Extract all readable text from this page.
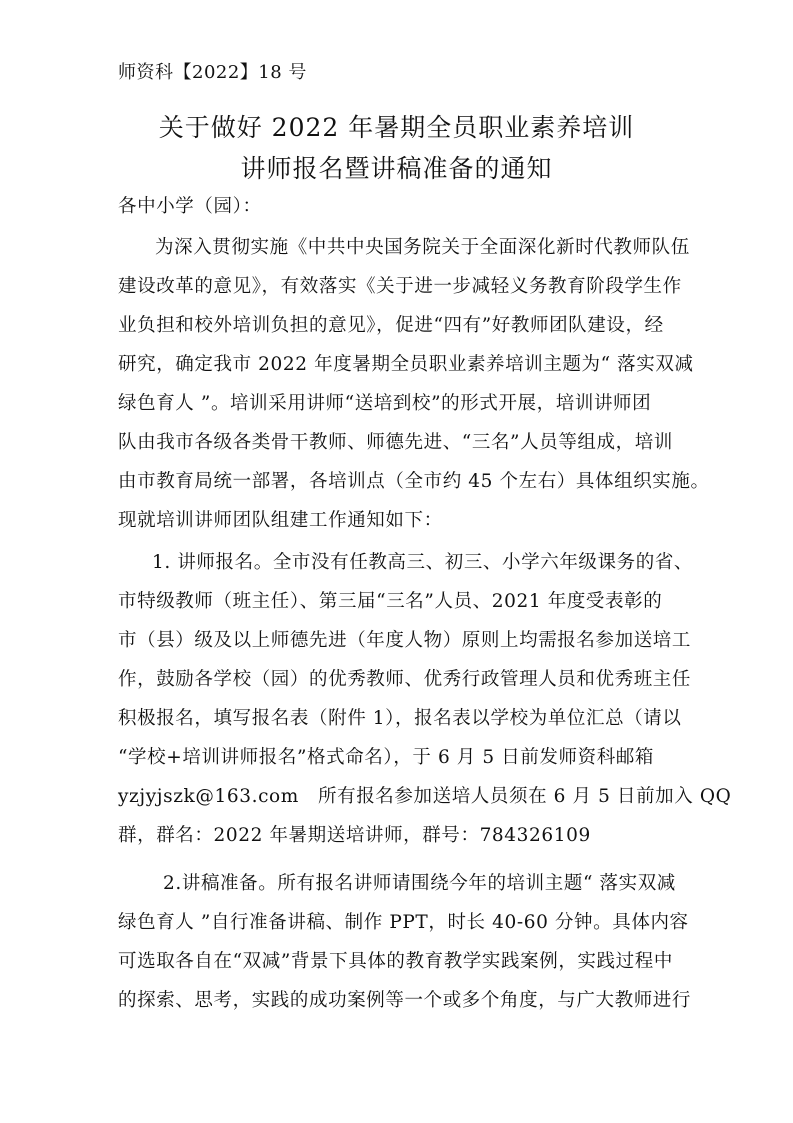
师资科【2022】18 号
关于做好 2022 年暑期全员职业素养培训
讲师报名暨讲稿准备的通知
各中小学（园）：
为深入贯彻实施《中共中央国务院关于全面深化新时代教师队伍
建设改革的意见》，有效落实《关于进一步减轻义务教育阶段学生作
业负担和校外培训负担的意见》，促进“四有”好教师团队建设，经
研究，确定我市 2022 年度暑期全员职业素养培训主题为“ 落实双减
绿色育人 ”。培训采用讲师“送培到校”的形式开展，培训讲师团
队由我市各级各类骨干教师、师德先进、“三名”人员等组成，培训
由市教育局统一部署，各培训点（全市约 45 个左右）具体组织实施。
现就培训讲师团队组建工作通知如下：
1. 讲师报名。全市没有任教高三、初三、小学六年级课务的省、
市特级教师（班主任）、第三届“三名”人员、2021 年度受表彰的
市（县）级及以上师德先进（年度人物）原则上均需报名参加送培工
作，鼓励各学校（园）的优秀教师、优秀行政管理人员和优秀班主任
积极报名，填写报名表（附件 1），报名表以学校为单位汇总（请以
“学校+培训讲师报名”格式命名），于 6 月 5 日前发师资科邮箱
yzjyjszk@163.com　所有报名参加送培人员须在 6 月 5 日前加入 QQ
群，群名：2022 年暑期送培讲师，群号：784326109
2.讲稿准备。所有报名讲师请围绕今年的培训主题“ 落实双减
绿色育人 ”自行准备讲稿、制作 PPT，时长 40-60 分钟。具体内容
可选取各自在“双减”背景下具体的教育教学实践案例，实践过程中
的探索、思考，实践的成功案例等一个或多个角度，与广大教师进行
